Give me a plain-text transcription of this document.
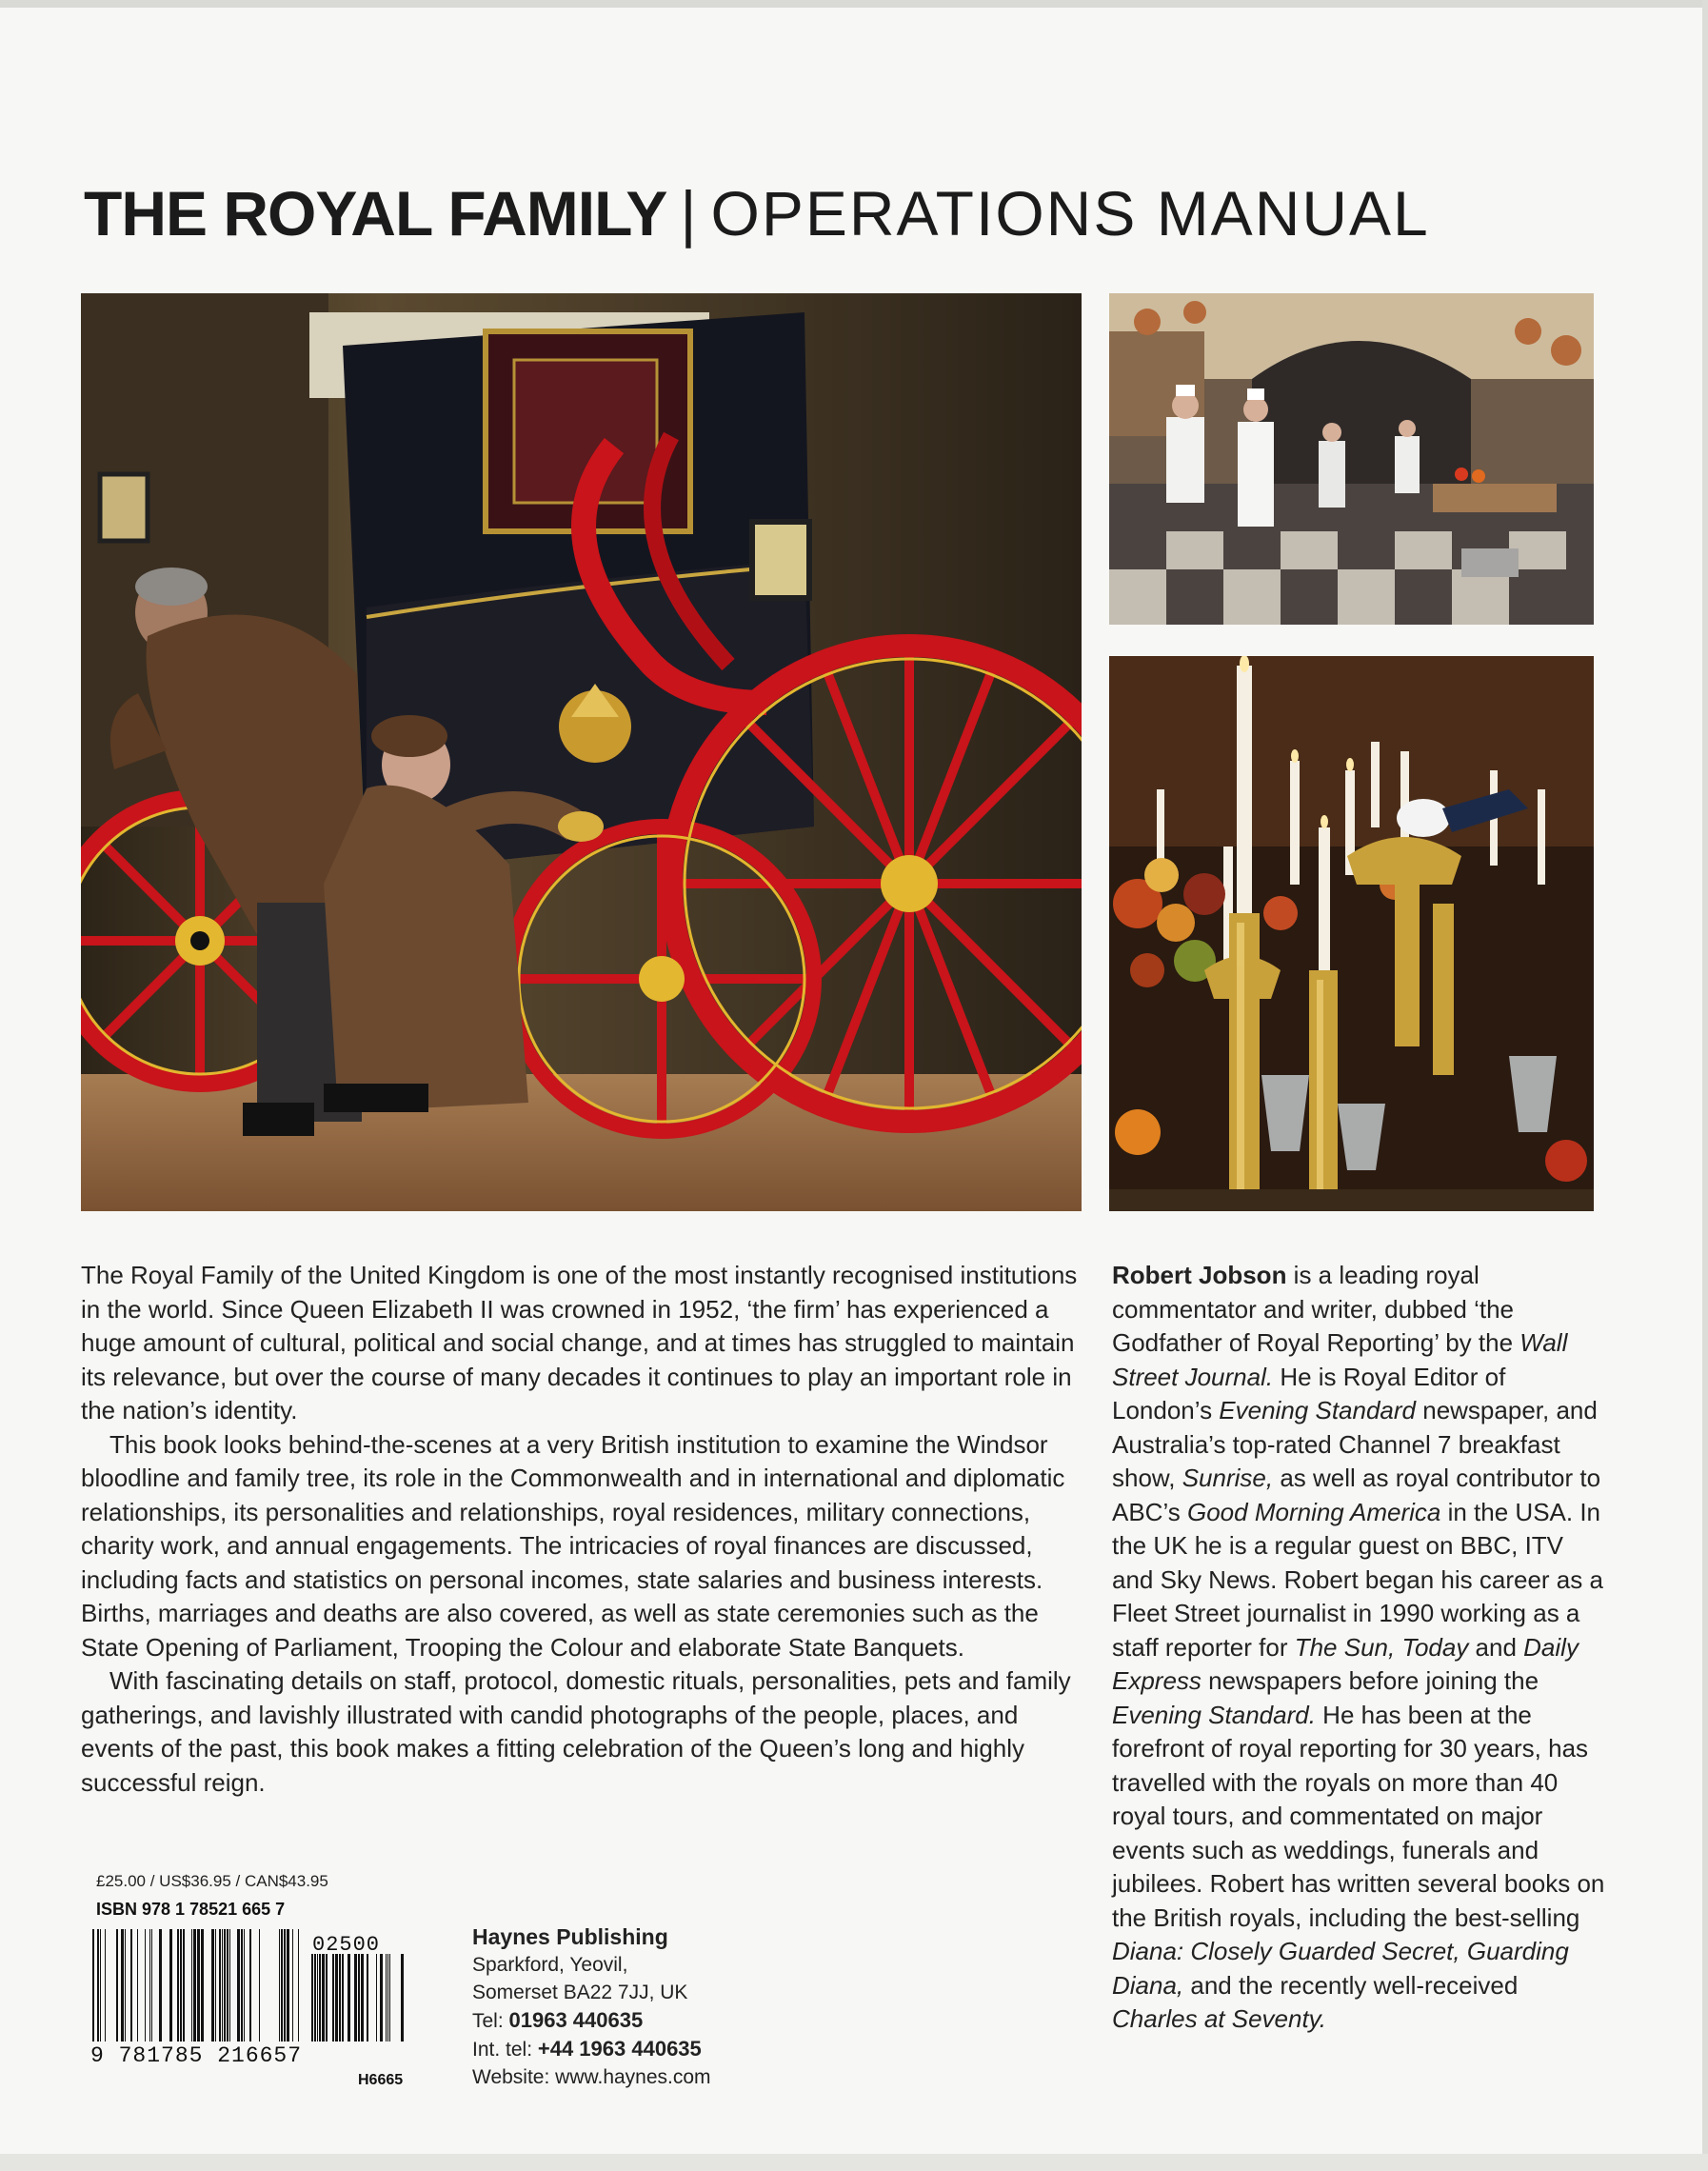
THE ROYAL FAMILY | OPERATIONS MANUAL

The Royal Family of the United Kingdom is one of the most instantly recognised institutions in the world. Since Queen Elizabeth II was crowned in 1952, ‘the firm’ has experienced a huge amount of cultural, political and social change, and at times has struggled to maintain its relevance, but over the course of many decades it continues to play an important role in the nation’s identity.

This book looks behind-the-scenes at a very British institution to examine the Windsor bloodline and family tree, its role in the Commonwealth and in international and diplomatic relationships, its personalities and relationships, royal residences, military connections, charity work, and annual engagements. The intricacies of royal finances are discussed, including facts and statistics on personal incomes, state salaries and business interests. Births, marriages and deaths are also covered, as well as state ceremonies such as the State Opening of Parliament, Trooping the Colour and elaborate State Banquets.

With fascinating details on staff, protocol, domestic rituals, personalities, pets and family gatherings, and lavishly illustrated with candid photographs of the people, places, and events of the past, this book makes a fitting celebration of the Queen’s long and highly successful reign.

Robert Jobson is a leading royal commentator and writer, dubbed ‘the Godfather of Royal Reporting’ by the Wall Street Journal. He is Royal Editor of London’s Evening Standard newspaper, and Australia’s top-rated Channel 7 breakfast show, Sunrise, as well as royal contributor to ABC’s Good Morning America in the USA. In the UK he is a regular guest on BBC, ITV and Sky News. Robert began his career as a Fleet Street journalist in 1990 working as a staff reporter for The Sun, Today and Daily Express newspapers before joining the Evening Standard. He has been at the forefront of royal reporting for 30 years, has travelled with the royals on more than 40 royal tours, and commentated on major events such as weddings, funerals and jubilees. Robert has written several books on the British royals, including the best-selling Diana: Closely Guarded Secret, Guarding Diana, and the recently well-received Charles at Seventy.
£25.00 / US$36.95 / CAN$43.95
ISBN 978 1 78521 665 7
02500
9 781785 216657
H6665
Haynes Publishing
Sparkford, Yeovil,
Somerset BA22 7JJ, UK
Tel: 01963 440635
Int. tel: +44 1963 440635
Website: www.haynes.com
